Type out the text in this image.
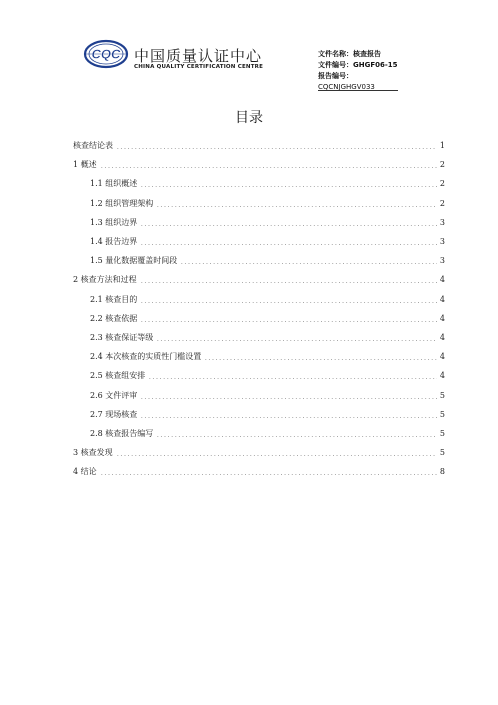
CQC 中国质量认证中心
CHINA QUALITY CERTIFICATION CENTRE
文件名称：核查报告
文件编号：GHGF06-15
报告编号：
CQCNJGHGV033
目录
核查结论表	1
1 概述	2
1.1 组织概述	2
1.2 组织管理架构	2
1.3 组织边界	3
1.4 报告边界	3
1.5 量化数据覆盖时间段	3
2 核查方法和过程	4
2.1 核查目的	4
2.2 核查依据	4
2.3 核查保证等级	4
2.4 本次核查的实质性门槛设置	4
2.5 核查组安排	4
2.6 文件评审	5
2.7 现场核查	5
2.8 核查报告编写	5
3 核查发现	5
4 结论	8
